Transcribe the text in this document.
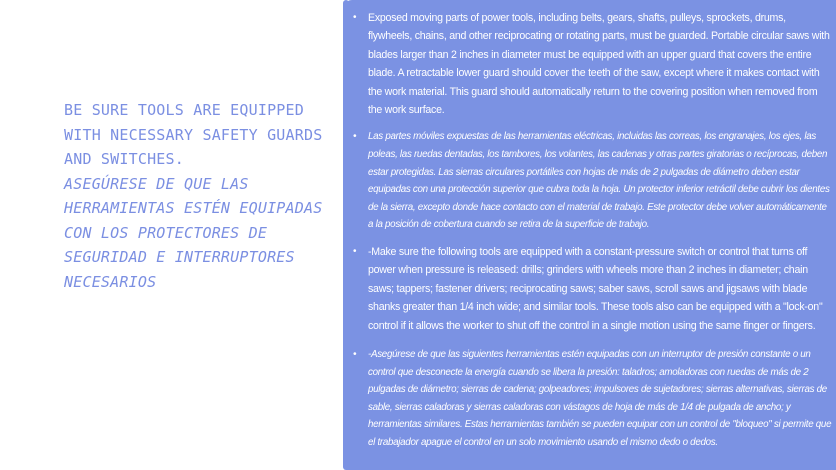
BE SURE TOOLS ARE EQUIPPED WITH NECESSARY SAFETY GUARDS AND SWITCHES.
ASEGÚRESE DE QUE LAS HERRAMIENTAS ESTÉN EQUIPADAS CON LOS PROTECTORES DE SEGURIDAD E INTERRUPTORES NECESARIOS
• Exposed moving parts of power tools, including belts, gears, shafts, pulleys, sprockets, drums, flywheels, chains, and other reciprocating or rotating parts, must be guarded. Portable circular saws with blades larger than 2 inches in diameter must be equipped with an upper guard that covers the entire blade. A retractable lower guard should cover the teeth of the saw, except where it makes contact with the work material. This guard should automatically return to the covering position when removed from the work surface.
• Las partes móviles expuestas de las herramientas eléctricas, incluidas las correas, los engranajes, los ejes, las poleas, las ruedas dentadas, los tambores, los volantes, las cadenas y otras partes giratorias o recíprocas, deben estar protegidas. Las sierras circulares portátiles con hojas de más de 2 pulgadas de diámetro deben estar equipadas con una protección superior que cubra toda la hoja. Un protector inferior retráctil debe cubrir los dientes de la sierra, excepto donde hace contacto con el material de trabajo. Este protector debe volver automáticamente a la posición de cobertura cuando se retira de la superficie de trabajo.
• -Make sure the following tools are equipped with a constant-pressure switch or control that turns off power when pressure is released: drills; grinders with wheels more than 2 inches in diameter; chain saws; tappers; fastener drivers; reciprocating saws; saber saws, scroll saws and jigsaws with blade shanks greater than 1/4 inch wide; and similar tools. These tools also can be equipped with a "lock-on" control if it allows the worker to shut off the control in a single motion using the same finger or fingers.
• -Asegúrese de que las siguientes herramientas estén equipadas con un interruptor de presión constante o un control que desconecte la energía cuando se libera la presión: taladros; amoladoras con ruedas de más de 2 pulgadas de diámetro; sierras de cadena; golpeadores; impulsores de sujetadores; sierras alternativas, sierras de sable, sierras caladoras y sierras caladoras con vástagos de hoja de más de 1/4 de pulgada de ancho; y herramientas similares. Estas herramientas también se pueden equipar con un control de "bloqueo" si permite que el trabajador apague el control en un solo movimiento usando el mismo dedo o dedos.
